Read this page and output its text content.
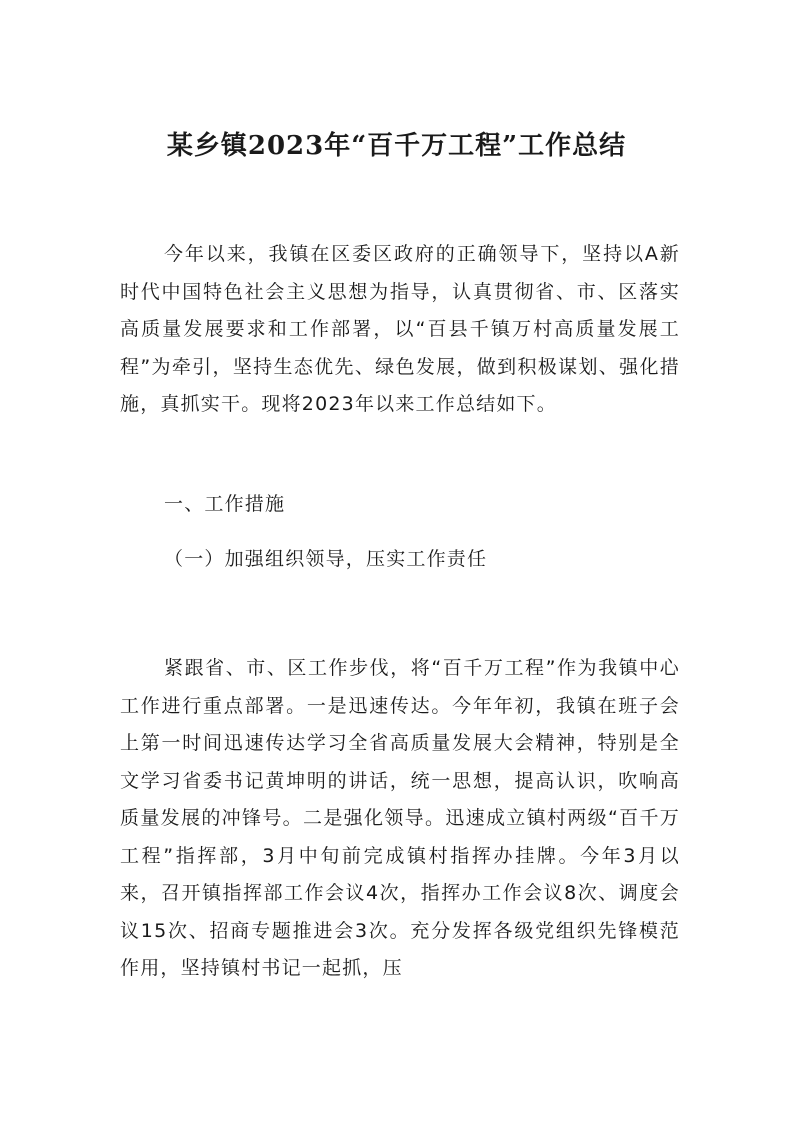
某乡镇2023年“百千万工程”工作总结

今年以来，我镇在区委区政府的正确领导下，坚持以A新时代中国特色社会主义思想为指导，认真贯彻省、市、区落实高质量发展要求和工作部署，以“百县千镇万村高质量发展工程”为牵引，坚持生态优先、绿色发展，做到积极谋划、强化措施，真抓实干。现将2023年以来工作总结如下。

一、工作措施

（一）加强组织领导，压实工作责任

紧跟省、市、区工作步伐，将“百千万工程”作为我镇中心工作进行重点部署。一是迅速传达。今年年初，我镇在班子会上第一时间迅速传达学习全省高质量发展大会精神，特别是全文学习省委书记黄坤明的讲话，统一思想，提高认识，吹响高质量发展的冲锋号。二是强化领导。迅速成立镇村两级“百千万工程”指挥部，3月中旬前完成镇村指挥办挂牌。今年3月以来，召开镇指挥部工作会议4次，指挥办工作会议8次、调度会议15次、招商专题推进会3次。充分发挥各级党组织先锋模范作用，坚持镇村书记一起抓，压
